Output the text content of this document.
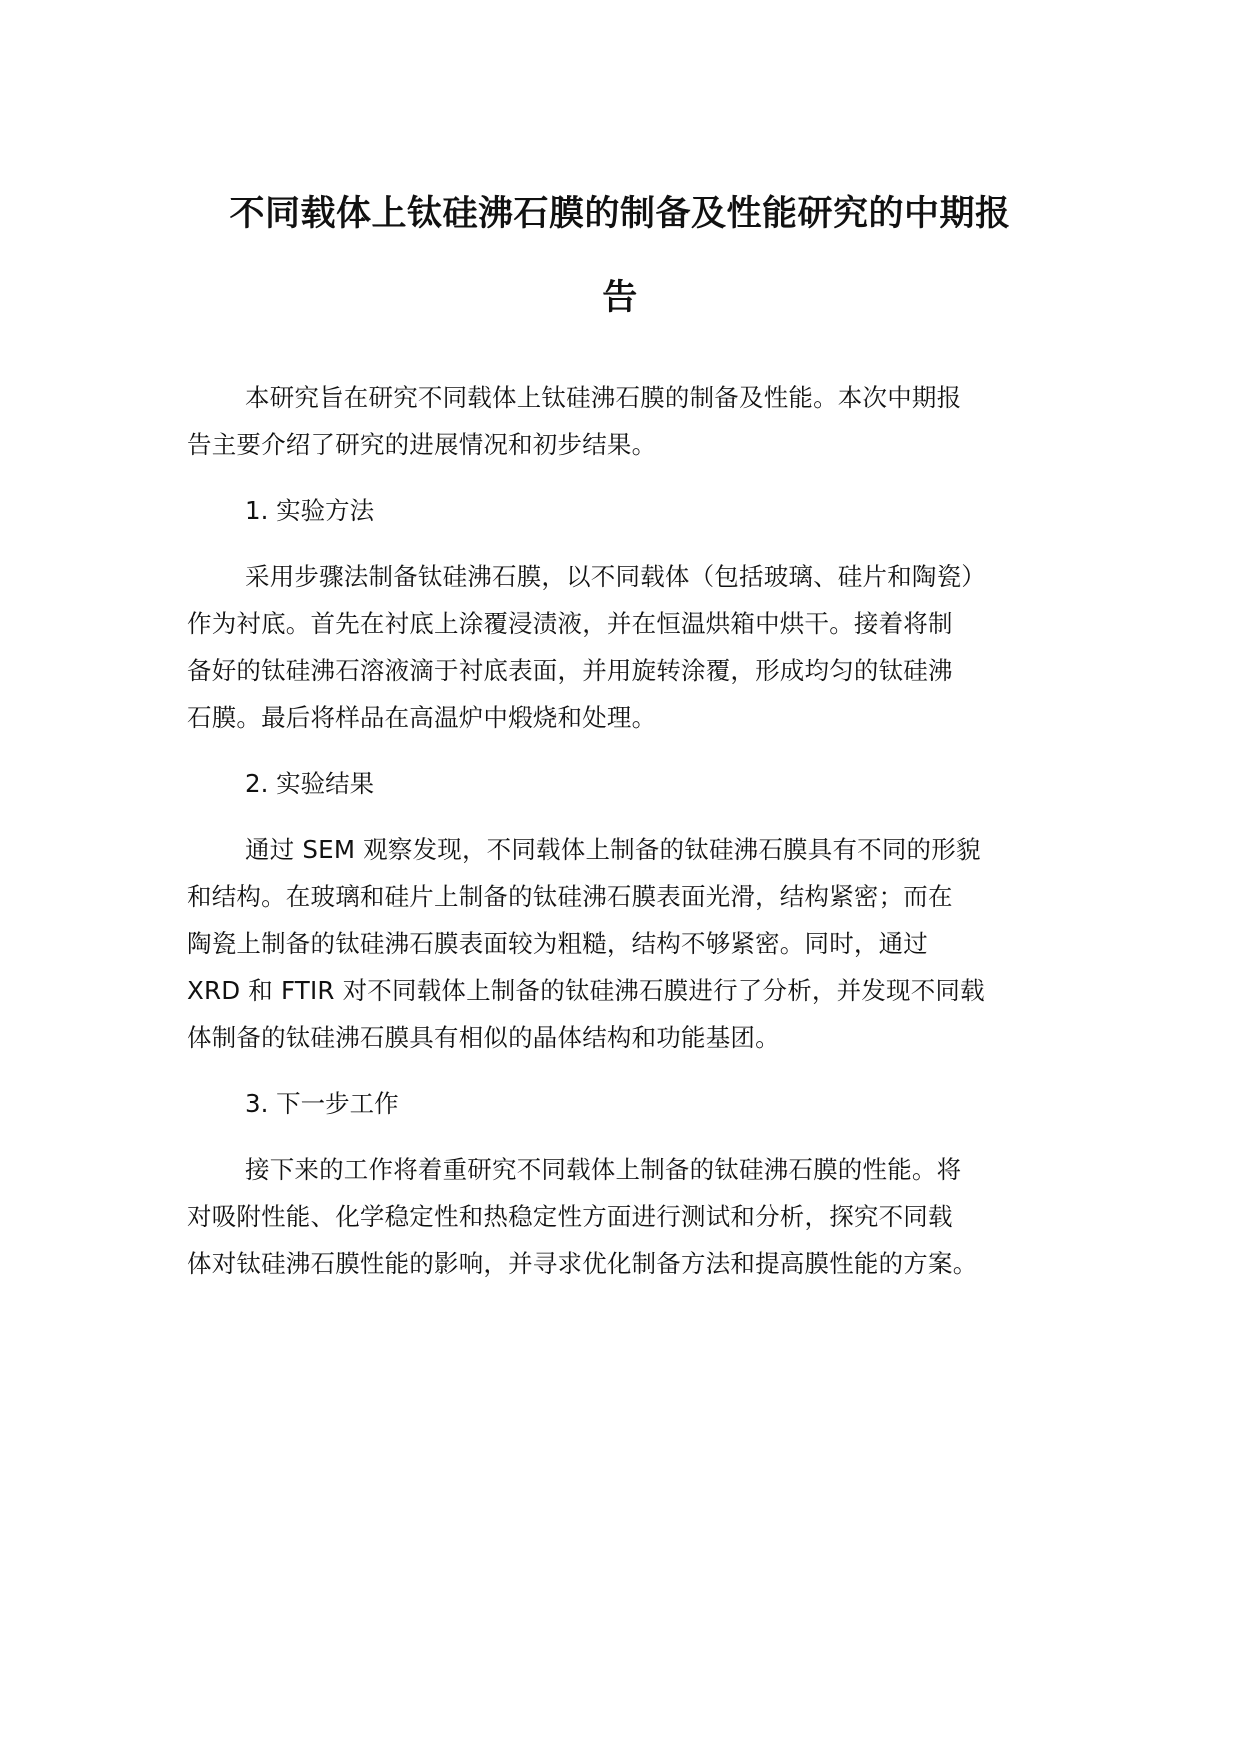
不同载体上钛硅沸石膜的制备及性能研究的中期报
告

本研究旨在研究不同载体上钛硅沸石膜的制备及性能。本次中期报
告主要介绍了研究的进展情况和初步结果。

1. 实验方法

采用步骤法制备钛硅沸石膜，以不同载体（包括玻璃、硅片和陶瓷）
作为衬底。首先在衬底上涂覆浸渍液，并在恒温烘箱中烘干。接着将制
备好的钛硅沸石溶液滴于衬底表面，并用旋转涂覆，形成均匀的钛硅沸
石膜。最后将样品在高温炉中煅烧和处理。

2. 实验结果

通过 SEM 观察发现，不同载体上制备的钛硅沸石膜具有不同的形貌
和结构。在玻璃和硅片上制备的钛硅沸石膜表面光滑，结构紧密；而在
陶瓷上制备的钛硅沸石膜表面较为粗糙，结构不够紧密。同时，通过
XRD 和 FTIR 对不同载体上制备的钛硅沸石膜进行了分析，并发现不同载
体制备的钛硅沸石膜具有相似的晶体结构和功能基团。

3. 下一步工作

接下来的工作将着重研究不同载体上制备的钛硅沸石膜的性能。将
对吸附性能、化学稳定性和热稳定性方面进行测试和分析，探究不同载
体对钛硅沸石膜性能的影响，并寻求优化制备方法和提高膜性能的方案。
